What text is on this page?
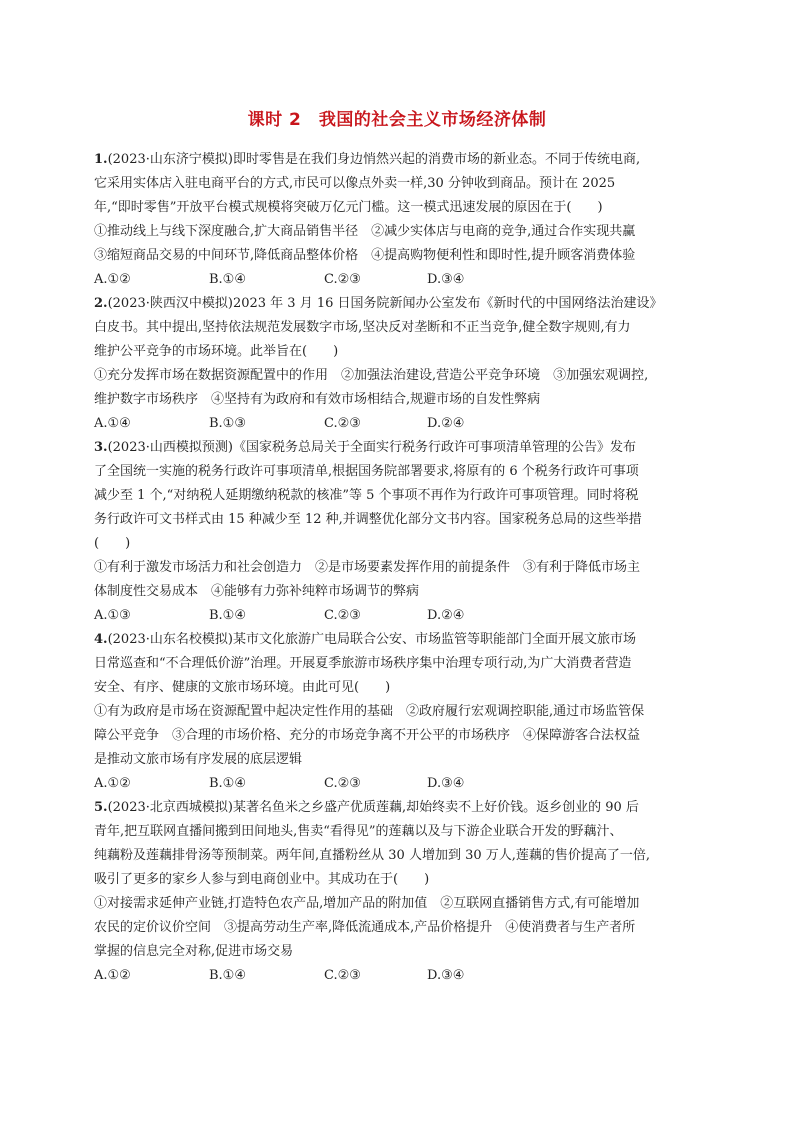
课时 2　我国的社会主义市场经济体制
1.(2023·山东济宁模拟)即时零售是在我们身边悄然兴起的消费市场的新业态。不同于传统电商,
它采用实体店入驻电商平台的方式,市民可以像点外卖一样,30 分钟收到商品。预计在 2025
年,“即时零售”开放平台模式规模将突破万亿元门槛。这一模式迅速发展的原因在于(　　)
①推动线上与线下深度融合,扩大商品销售半径　②减少实体店与电商的竞争,通过合作实现共赢
③缩短商品交易的中间环节,降低商品整体价格　④提高购物便利性和即时性,提升顾客消费体验
A.①②	B.①④	C.②③	D.③④
2.(2023·陕西汉中模拟)2023 年 3 月 16 日国务院新闻办公室发布《新时代的中国网络法治建设》
白皮书。其中提出,坚持依法规范发展数字市场,坚决反对垄断和不正当竞争,健全数字规则,有力
维护公平竞争的市场环境。此举旨在(　　)
①充分发挥市场在数据资源配置中的作用　②加强法治建设,营造公平竞争环境　③加强宏观调控,
维护数字市场秩序　④坚持有为政府和有效市场相结合,规避市场的自发性弊病
A.①④	B.①③	C.②③	D.②④
3.(2023·山西模拟预测)《国家税务总局关于全面实行税务行政许可事项清单管理的公告》发布
了全国统一实施的税务行政许可事项清单,根据国务院部署要求,将原有的 6 个税务行政许可事项
减少至 1 个,“对纳税人延期缴纳税款的核准”等 5 个事项不再作为行政许可事项管理。同时将税
务行政许可文书样式由 15 种减少至 12 种,并调整优化部分文书内容。国家税务总局的这些举措
(　　)
①有利于激发市场活力和社会创造力　②是市场要素发挥作用的前提条件　③有利于降低市场主
体制度性交易成本　④能够有力弥补纯粹市场调节的弊病
A.①③	B.①④	C.②③	D.②④
4.(2023·山东名校模拟)某市文化旅游广电局联合公安、市场监管等职能部门全面开展文旅市场
日常巡查和“不合理低价游”治理。开展夏季旅游市场秩序集中治理专项行动,为广大消费者营造
安全、有序、健康的文旅市场环境。由此可见(　　)
①有为政府是市场在资源配置中起决定性作用的基础　②政府履行宏观调控职能,通过市场监管保
障公平竞争　③合理的市场价格、充分的市场竞争离不开公平的市场秩序　④保障游客合法权益
是推动文旅市场有序发展的底层逻辑
A.①②	B.①④	C.②③	D.③④
5.(2023·北京西城模拟)某著名鱼米之乡盛产优质莲藕,却始终卖不上好价钱。返乡创业的 90 后
青年,把互联网直播间搬到田间地头,售卖“看得见”的莲藕以及与下游企业联合开发的野藕汁、
纯藕粉及莲藕排骨汤等预制菜。两年间,直播粉丝从 30 人增加到 30 万人,莲藕的售价提高了一倍,
吸引了更多的家乡人参与到电商创业中。其成功在于(　　)
①对接需求延伸产业链,打造特色农产品,增加产品的附加值　②互联网直播销售方式,有可能增加
农民的定价议价空间　③提高劳动生产率,降低流通成本,产品价格提升　④使消费者与生产者所
掌握的信息完全对称,促进市场交易
A.①②	B.①④	C.②③	D.③④
